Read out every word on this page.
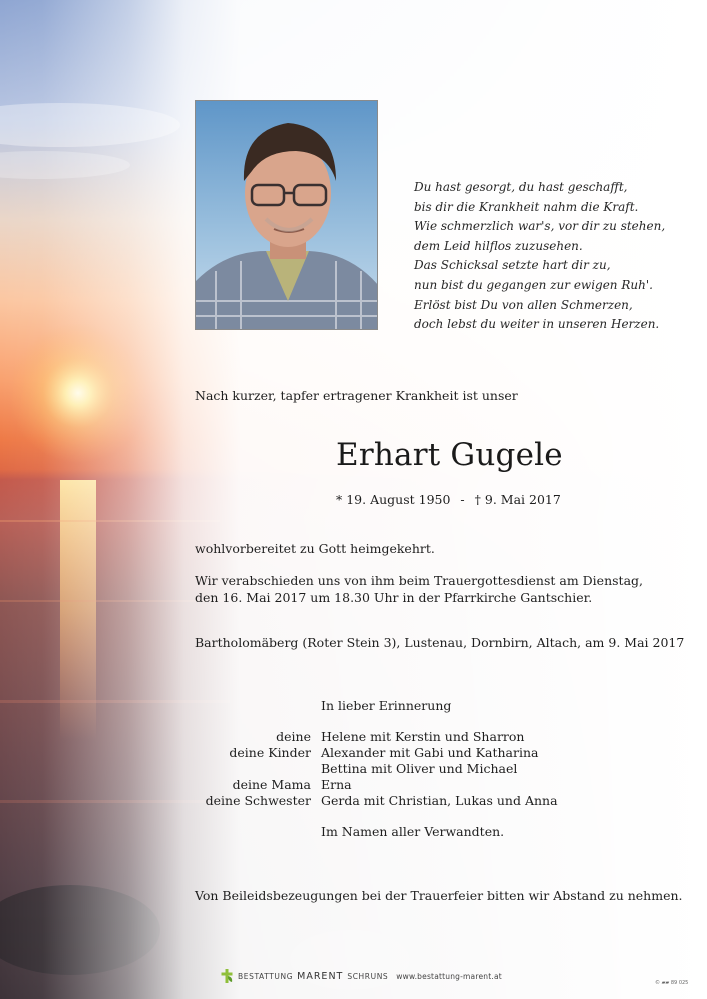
Du hast gesorgt, du hast geschafft,
bis dir die Krankheit nahm die Kraft.
Wie schmerzlich war's, vor dir zu stehen,
dem Leid hilflos zuzusehen.
Das Schicksal setzte hart dir zu,
nun bist du gegangen zur ewigen Ruh'.
Erlöst bist Du von allen Schmerzen,
doch lebst du weiter in unseren Herzen.
Nach kurzer, tapfer ertragener Krankheit ist unser
Erhart Gugele
* 19. August 1950 - † 9. Mai 2017
wohlvorbereitet zu Gott heimgekehrt.
Wir verabschieden uns von ihm beim Trauergottesdienst am Dienstag,
den 16. Mai 2017 um 18.30 Uhr in der Pfarrkirche Gantschier.
Bartholomäberg (Roter Stein 3), Lustenau, Dornbirn, Altach, am 9. Mai 2017
In lieber Erinnerung
deine
deine Kinder
deine Mama
deine Schwester
Helene mit Kerstin und Sharron
Alexander mit Gabi und Katharina
Bettina mit Oliver und Michael
Erna
Gerda mit Christian, Lukas und Anna
Im Namen aller Verwandten.
Von Beileidsbezeugungen bei der Trauerfeier bitten wir Abstand zu nehmen.
BESTATTUNG MARENT SCHRUNS www.bestattung-marent.at
© ▰▰ 89 025
